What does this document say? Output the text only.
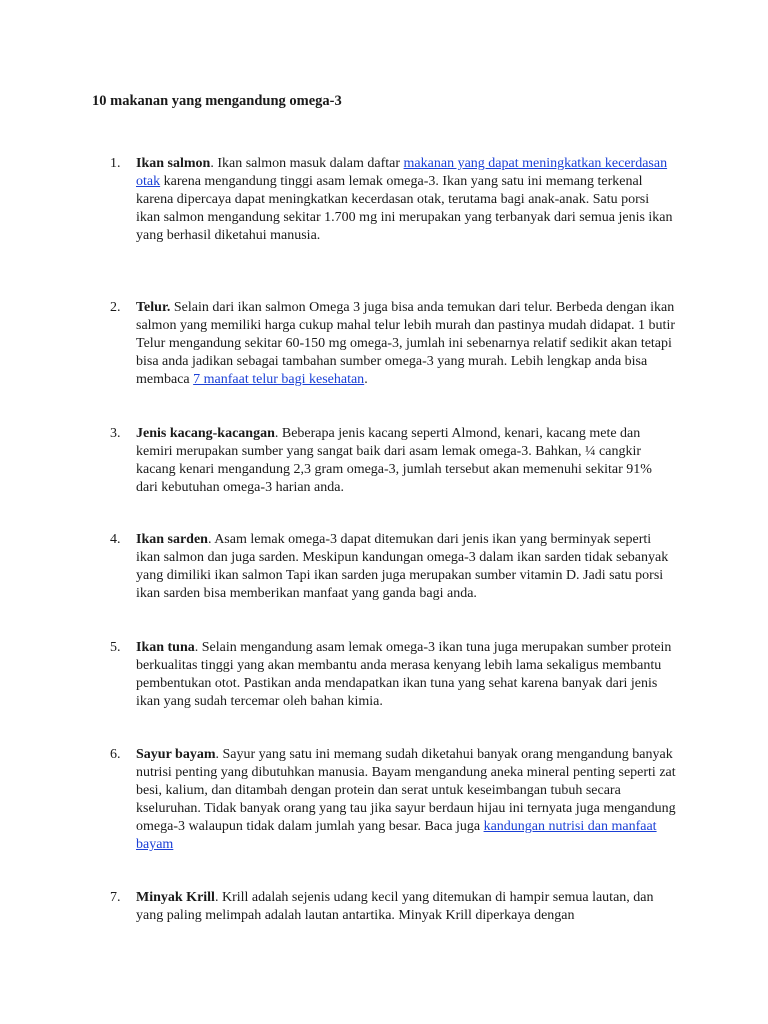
10 makanan yang mengandung omega-3
1.	Ikan salmon. Ikan salmon masuk dalam daftar makanan yang dapat meningkatkan kecerdasan otak karena mengandung tinggi asam lemak omega-3. Ikan yang satu ini memang terkenal karena dipercaya dapat meningkatkan kecerdasan otak, terutama bagi anak-anak. Satu porsi ikan salmon mengandung sekitar 1.700 mg ini merupakan yang terbanyak dari semua jenis ikan yang berhasil diketahui manusia.
2.	Telur. Selain dari ikan salmon Omega 3 juga bisa anda temukan dari telur. Berbeda dengan ikan salmon yang memiliki harga cukup mahal telur lebih murah dan pastinya mudah didapat. 1 butir Telur mengandung sekitar 60-150 mg omega-3, jumlah ini sebenarnya relatif sedikit akan tetapi bisa anda jadikan sebagai tambahan sumber omega-3 yang murah. Lebih lengkap anda bisa membaca 7 manfaat telur bagi kesehatan.
3.	Jenis kacang-kacangan. Beberapa jenis kacang seperti Almond, kenari, kacang mete dan kemiri merupakan sumber yang sangat baik dari asam lemak omega-3. Bahkan, ¼ cangkir kacang kenari mengandung 2,3 gram omega-3, jumlah tersebut akan memenuhi sekitar 91% dari kebutuhan omega-3 harian anda.
4.	Ikan sarden. Asam lemak omega-3 dapat ditemukan dari jenis ikan yang berminyak seperti ikan salmon dan juga sarden. Meskipun kandungan omega-3 dalam ikan sarden tidak sebanyak yang dimiliki ikan salmon Tapi ikan sarden juga merupakan sumber vitamin D. Jadi satu porsi ikan sarden bisa memberikan manfaat yang ganda bagi anda.
5.	Ikan tuna. Selain mengandung asam lemak omega-3 ikan tuna juga merupakan sumber protein berkualitas tinggi yang akan membantu anda merasa kenyang lebih lama sekaligus membantu pembentukan otot. Pastikan anda mendapatkan ikan tuna yang sehat karena banyak dari jenis ikan yang sudah tercemar oleh bahan kimia.
6.	Sayur bayam. Sayur yang satu ini memang sudah diketahui banyak orang mengandung banyak nutrisi penting yang dibutuhkan manusia. Bayam mengandung aneka mineral penting seperti zat besi, kalium, dan ditambah dengan protein dan serat untuk keseimbangan tubuh secara kseluruhan. Tidak banyak orang yang tau jika sayur berdaun hijau ini ternyata juga mengandung omega-3 walaupun tidak dalam jumlah yang besar. Baca juga kandungan nutrisi dan manfaat bayam
7.	Minyak Krill. Krill adalah sejenis udang kecil yang ditemukan di hampir semua lautan, dan yang paling melimpah adalah lautan antartika. Minyak Krill diperkaya dengan
